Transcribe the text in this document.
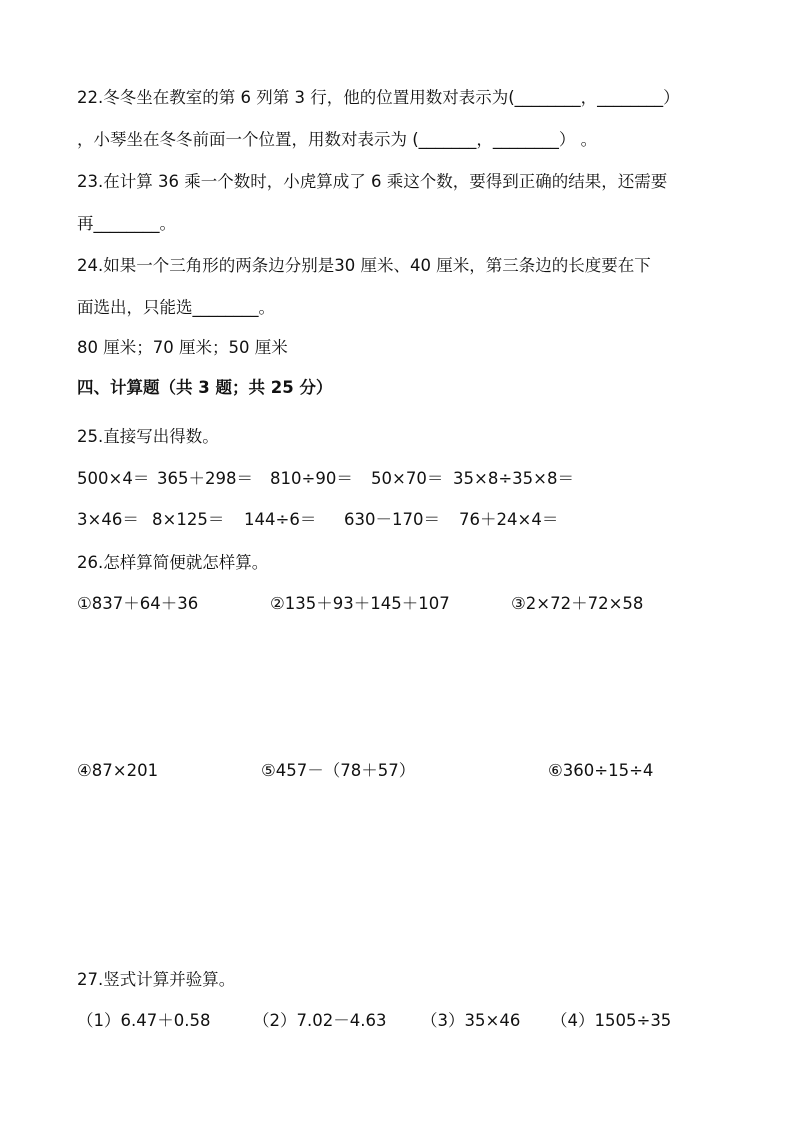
22.冬冬坐在教室的第 6 列第 3 行，他的位置用数对表示为(________，________）
，小琴坐在冬冬前面一个位置，用数对表示为 (_______，________） 。
23.在计算 36 乘一个数时，小虎算成了 6 乘这个数，要得到正确的结果，还需要
再________。
24.如果一个三角形的两条边分别是30 厘米、40 厘米，第三条边的长度要在下
面选出，只能选________。
80 厘米；70 厘米；50 厘米
四、计算题（共 3 题；共 25 分）
25.直接写出得数。
500×4＝ 365＋298＝ 810÷90＝ 50×70＝ 35×8÷35×8＝
3×46＝ 8×125＝ 144÷6＝ 630－170＝ 76＋24×4＝
26.怎样算简便就怎样算。
①837＋64＋36	②135＋93＋145＋107	③2×72＋72×58
④87×201	⑤457－（78＋57）	⑥360÷15÷4
27.竖式计算并验算。
（1）6.47＋0.58	（2）7.02－4.63 （3）35×46 （4）1505÷35
